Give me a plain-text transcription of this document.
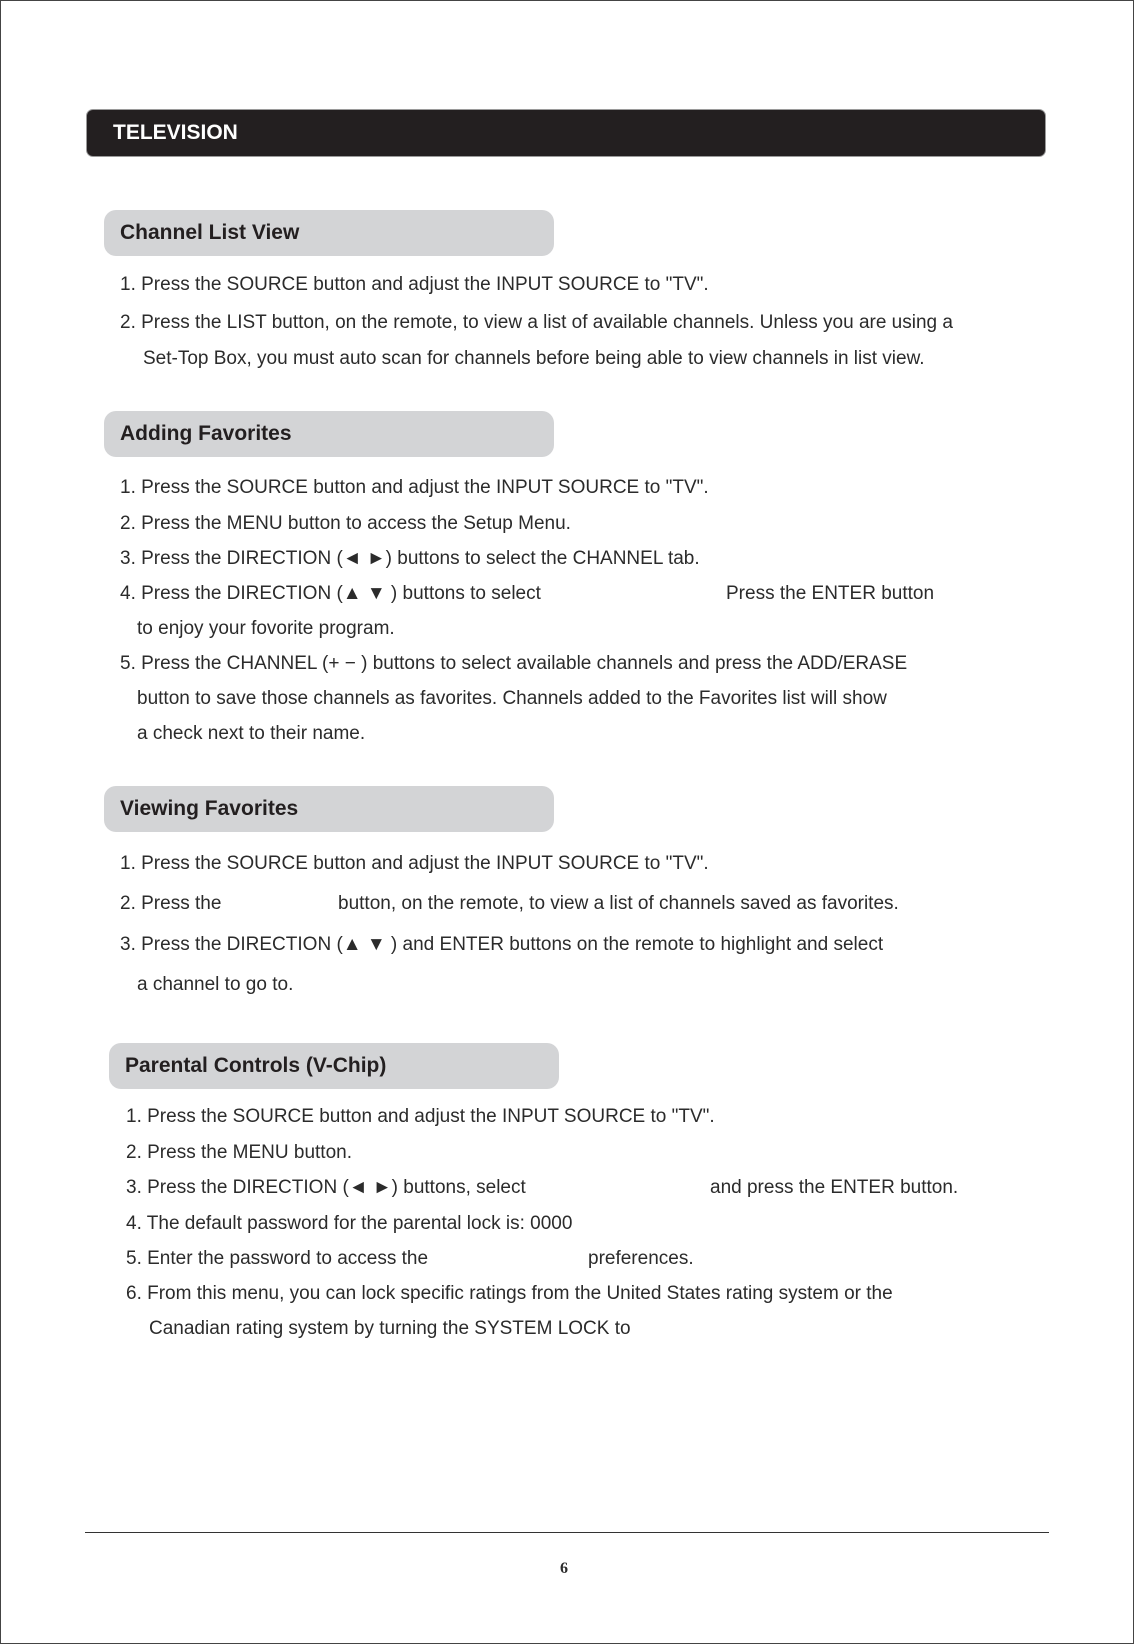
TELEVISION
Channel List View
1. Press the SOURCE button and adjust the INPUT SOURCE to "TV".
2. Press the LIST button, on the remote, to view a list of available channels. Unless you are using a
Set-Top Box, you must auto scan for channels before being able to view channels in list view.
Adding Favorites
1. Press the SOURCE button and adjust the INPUT SOURCE to "TV".
2. Press the MENU button to access the Setup Menu.
3. Press the DIRECTION (◄ ►) buttons to select the CHANNEL tab.
4. Press the DIRECTION (▲ ▼ ) buttons to select	Press the ENTER button
to enjoy your fovorite program.
5. Press the CHANNEL (+ − ) buttons to select available channels and press the ADD/ERASE
button to save those channels as favorites. Channels added to the Favorites list will show
a check next to their name.
Viewing Favorites
1. Press the SOURCE button and adjust the INPUT SOURCE to "TV".
2. Press the	button, on the remote, to view a list of channels saved as favorites.
3. Press the DIRECTION (▲ ▼ ) and ENTER buttons on the remote to highlight and select
a channel to go to.
Parental Controls (V-Chip)
1. Press the SOURCE button and adjust the INPUT SOURCE to "TV".
2. Press the MENU button.
3. Press the DIRECTION (◄ ►) buttons, select	and press the ENTER button.
4. The default password for the parental lock is: 0000
5. Enter the password to access the	preferences.
6. From this menu, you can lock specific ratings from the United States rating system or the
Canadian rating system by turning the SYSTEM LOCK to
6
